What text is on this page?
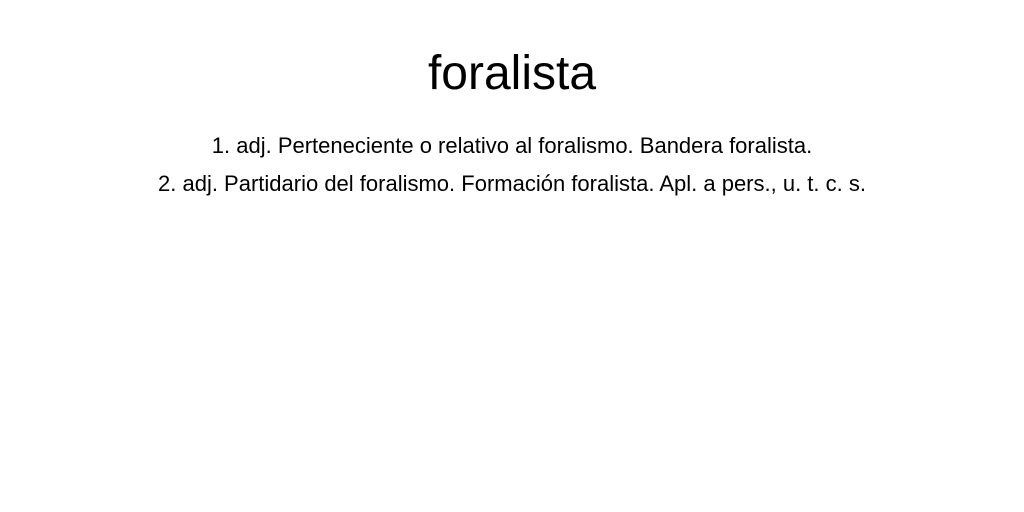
foralista
1. adj. Perteneciente o relativo al foralismo. Bandera foralista.
2. adj. Partidario del foralismo. Formación foralista. Apl. a pers., u. t. c. s.
